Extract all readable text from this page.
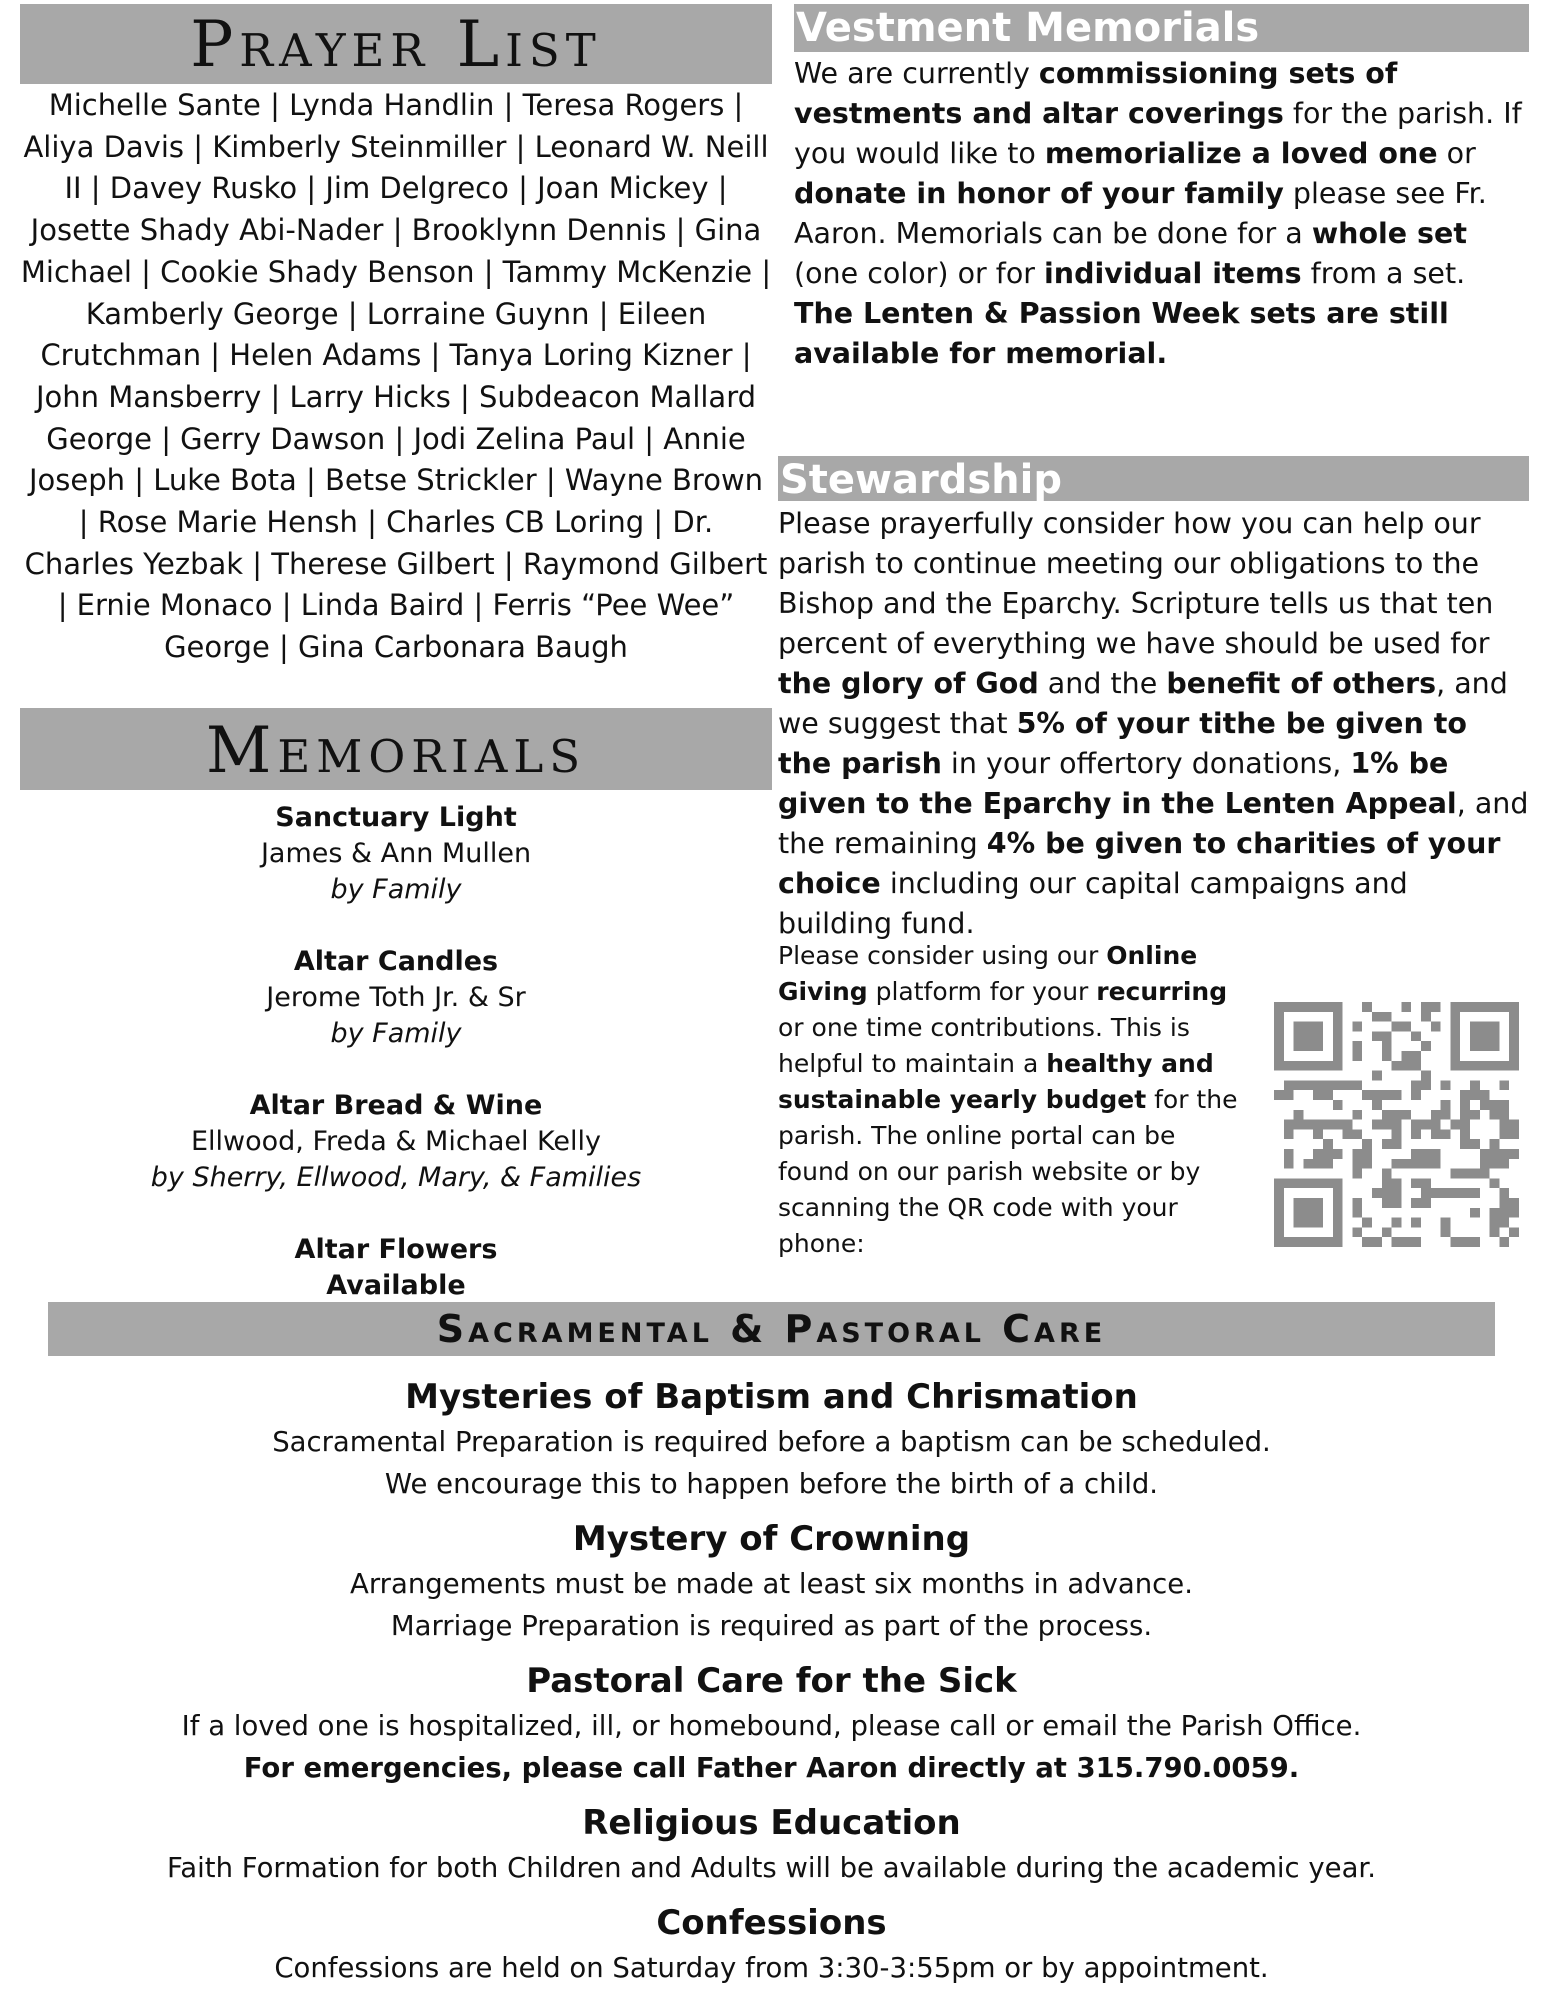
Prayer List
Michelle Sante | Lynda Handlin | Teresa Rogers | Aliya Davis | Kimberly Steinmiller | Leonard W. Neill II | Davey Rusko | Jim Delgreco | Joan Mickey | Josette Shady Abi-Nader | Brooklynn Dennis | Gina Michael | Cookie Shady Benson | Tammy McKenzie | Kamberly George | Lorraine Guynn | Eileen Crutchman | Helen Adams | Tanya Loring Kizner | John Mansberry | Larry Hicks | Subdeacon Mallard George | Gerry Dawson | Jodi Zelina Paul | Annie Joseph | Luke Bota | Betse Strickler | Wayne Brown | Rose Marie Hensh | Charles CB Loring | Dr. Charles Yezbak | Therese Gilbert | Raymond Gilbert | Ernie Monaco | Linda Baird | Ferris “Pee Wee” George | Gina Carbonara Baugh
Memorials
Sanctuary Light
James & Ann Mullen
by Family
Altar Candles
Jerome Toth Jr. & Sr
by Family
Altar Bread & Wine
Ellwood, Freda & Michael Kelly
by Sherry, Ellwood, Mary, & Families
Altar Flowers
Available
Vestment Memorials

We are currently commissioning sets of vestments and altar coverings for the parish. If you would like to memorialize a loved one or donate in honor of your family please see Fr. Aaron. Memorials can be done for a whole set (one color) or for individual items from a set. The Lenten & Passion Week sets are still available for memorial.

Stewardship

Please prayerfully consider how you can help our parish to continue meeting our obligations to the Bishop and the Eparchy. Scripture tells us that ten percent of everything we have should be used for the glory of God and the benefit of others, and we suggest that 5% of your tithe be given to the parish in your offertory donations, 1% be given to the Eparchy in the Lenten Appeal, and the remaining 4% be given to charities of your choice including our capital campaigns and building fund.

Please consider using our Online Giving platform for your recurring or one time contributions. This is helpful to maintain a healthy and sustainable yearly budget for the parish. The online portal can be found on our parish website or by scanning the QR code with your phone:

Sacramental & Pastoral Care
Mysteries of Baptism and Chrismation
Sacramental Preparation is required before a baptism can be scheduled.
We encourage this to happen before the birth of a child.
Mystery of Crowning
Arrangements must be made at least six months in advance.
Marriage Preparation is required as part of the process.
Pastoral Care for the Sick
If a loved one is hospitalized, ill, or homebound, please call or email the Parish Office.
For emergencies, please call Father Aaron directly at 315.790.0059.
Religious Education
Faith Formation for both Children and Adults will be available during the academic year.
Confessions
Confessions are held on Saturday from 3:30-3:55pm or by appointment.
